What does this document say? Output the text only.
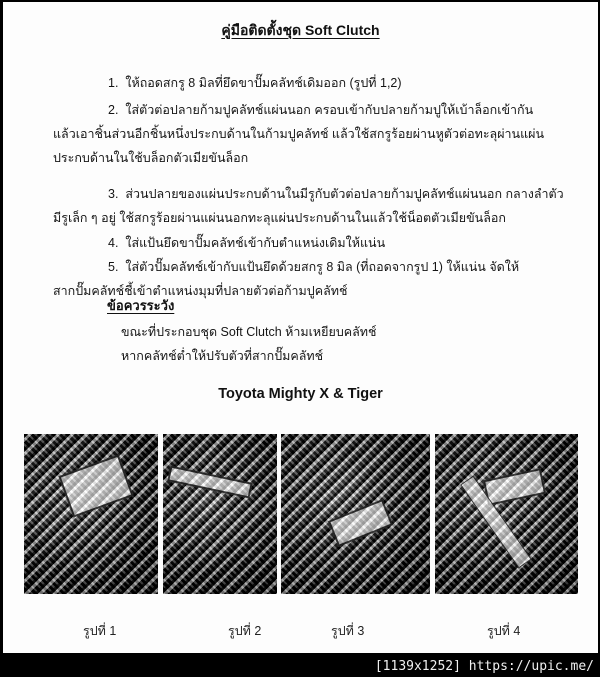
คู่มือติดตั้งชุด Soft Clutch
1. ให้ถอดสกรู 8 มิลที่ยึดขาปั๊มคลัทช์เดิมออก (รูปที่ 1,2)
2. ใส่ตัวต่อปลายก้ามปูคลัทช์แผ่นนอก ครอบเข้ากับปลายก้ามปูให้เบ้าล็อกเข้ากัน
แล้วเอาชิ้นส่วนอีกชิ้นหนึ่งประกบด้านในก้ามปูคลัทช์ แล้วใช้สกรูร้อยผ่านหูตัวต่อทะลุผ่านแผ่น
ประกบด้านในใช้บล็อกตัวเมียขันล็อก
3. ส่วนปลายของแผ่นประกบด้านในมีรูกับตัวต่อปลายก้ามปูคลัทช์แผ่นนอก กลางลำตัว
มีรูเล็ก ๆ อยู่ ใช้สกรูร้อยผ่านแผ่นนอกทะลุแผ่นประกบด้านในแล้วใช้น็อตตัวเมียขันล็อก
4. ใส่แป้นยึดขาปั๊มคลัทช์เข้ากับตำแหน่งเดิมให้แน่น
5. ใส่ตัวปั๊มคลัทช์เข้ากับแป้นยึดด้วยสกรู 8 มิล (ที่ถอดจากรูป 1) ให้แน่น จัดให้
สากปั๊มคลัทช์ชี้เข้าตำแหน่งมุมที่ปลายตัวต่อก้ามปูคลัทช์
ข้อควรระวัง
ขณะที่ประกอบชุด Soft Clutch ห้ามเหยียบคลัทช์
หากคลัทช์ต่ำให้ปรับตัวที่สากปั๊มคลัทช์
Toyota Mighty X & Tiger
รูปที่ 1	รูปที่ 2	รูปที่ 3	รูปที่ 4
[1139x1252] https://upic.me/
